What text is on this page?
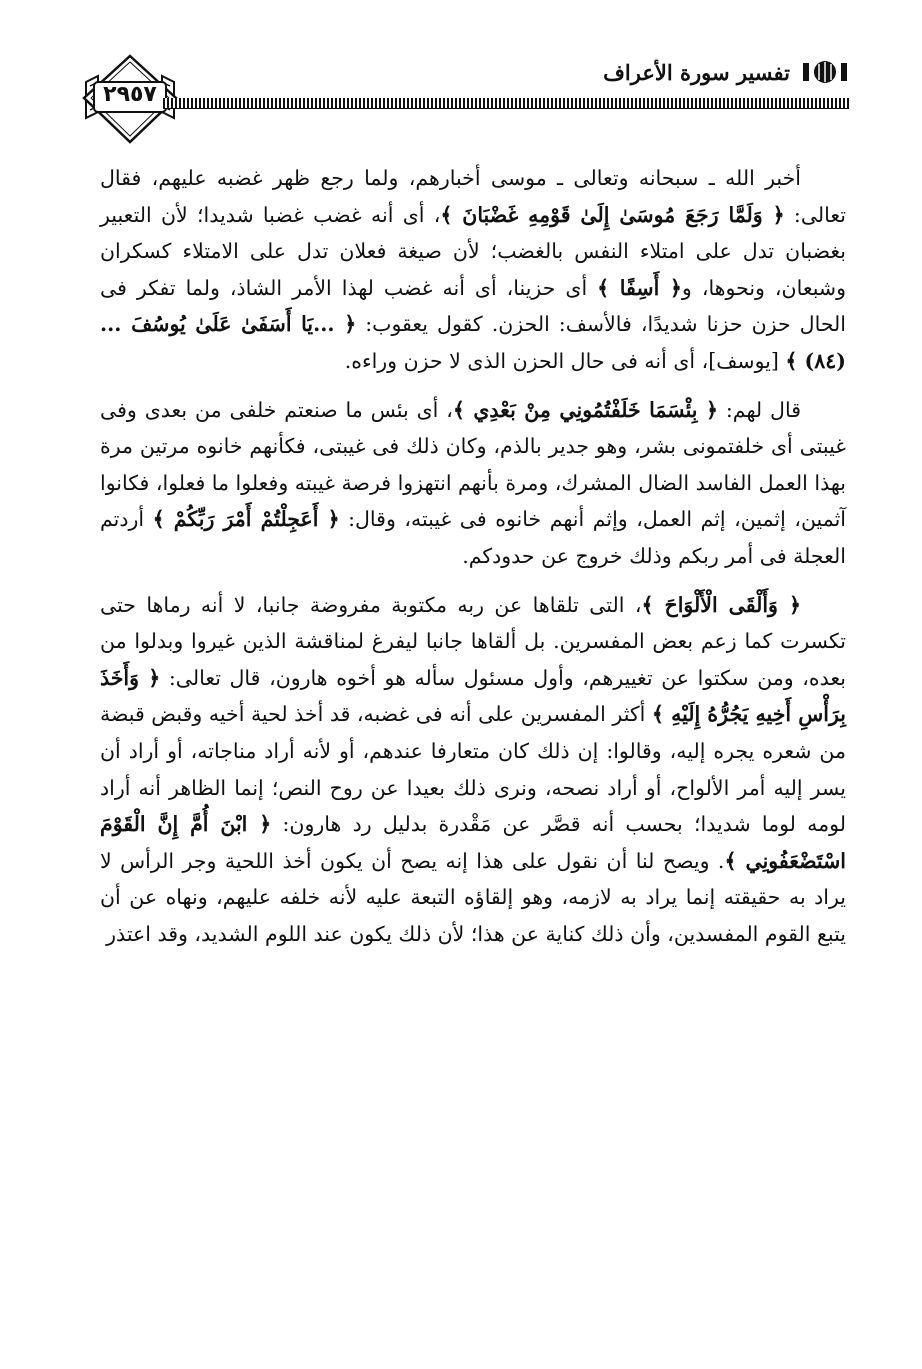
٢٩٥٧
تفسير سورة الأعراف

أخبر الله ـ سبحانه وتعالى ـ موسى أخبارهم، ولما رجع ظهر غضبه عليهم، فقال تعالى: ﴿ وَلَمَّا رَجَعَ مُوسَىٰ إِلَىٰ قَوْمِهِ غَضْبَانَ ﴾، أى أنه غضب غضبا شديدا؛ لأن التعبير بغضبان تدل على امتلاء النفس بالغضب؛ لأن صيغة فعلان تدل على الامتلاء كسكران وشبعان، ونحوها، و﴿ أَسِفًا ﴾ أى حزينا، أى أنه غضب لهذا الأمر الشاذ، ولما تفكر فى الحال حزن حزنا شديدًا، فالأسف: الحزن. كقول يعقوب: ﴿ ...يَا أَسَفَىٰ عَلَىٰ يُوسُفَ ... (٨٤) ﴾ [يوسف]، أى أنه فى حال الحزن الذى لا حزن وراءه.

قال لهم: ﴿ بِئْسَمَا خَلَفْتُمُونِي مِنْ بَعْدِي ﴾، أى بئس ما صنعتم خلفى من بعدى وفى غيبتى أى خلفتمونى بشر، وهو جدير بالذم، وكان ذلك فى غيبتى، فكأنهم خانوه مرتين مرة بهذا العمل الفاسد الضال المشرك، ومرة بأنهم انتهزوا فرصة غيبته وفعلوا ما فعلوا، فكانوا آثمين، إثمين، إثم العمل، وإثم أنهم خانوه فى غيبته، وقال: ﴿ أَعَجِلْتُمْ أَمْرَ رَبِّكُمْ ﴾ أردتم العجلة فى أمر ربكم وذلك خروج عن حدودكم.

﴿ وَأَلْقَى الْأَلْوَاحَ ﴾، التى تلقاها عن ربه مكتوبة مفروضة جانبا، لا أنه رماها حتى تكسرت كما زعم بعض المفسرين. بل ألقاها جانبا ليفرغ لمناقشة الذين غيروا وبدلوا من بعده، ومن سكتوا عن تغييرهم، وأول مسئول سأله هو أخوه هارون، قال تعالى: ﴿ وَأَخَذَ بِرَأْسِ أَخِيهِ يَجُرُّهُ إِلَيْهِ ﴾ أكثر المفسرين على أنه فى غضبه، قد أخذ لحية أخيه وقبض قبضة من شعره يجره إليه، وقالوا: إن ذلك كان متعارفا عندهم، أو لأنه أراد مناجاته، أو أراد أن يسر إليه أمر الألواح، أو أراد نصحه، ونرى ذلك بعيدا عن روح النص؛ إنما الظاهر أنه أراد لومه لوما شديدا؛ بحسب أنه قصَّر عن مَقْدرة بدليل رد هارون: ﴿ ابْنَ أُمَّ إِنَّ الْقَوْمَ اسْتَضْعَفُونِي ﴾. ويصح لنا أن نقول على هذا إنه يصح أن يكون أخذ اللحية وجر الرأس لا يراد به حقيقته إنما يراد به لازمه، وهو إلقاؤه التبعة عليه لأنه خلفه عليهم، ونهاه عن أن يتبع القوم المفسدين، وأن ذلك كناية عن هذا؛ لأن ذلك يكون عند اللوم الشديد، وقد اعتذر
